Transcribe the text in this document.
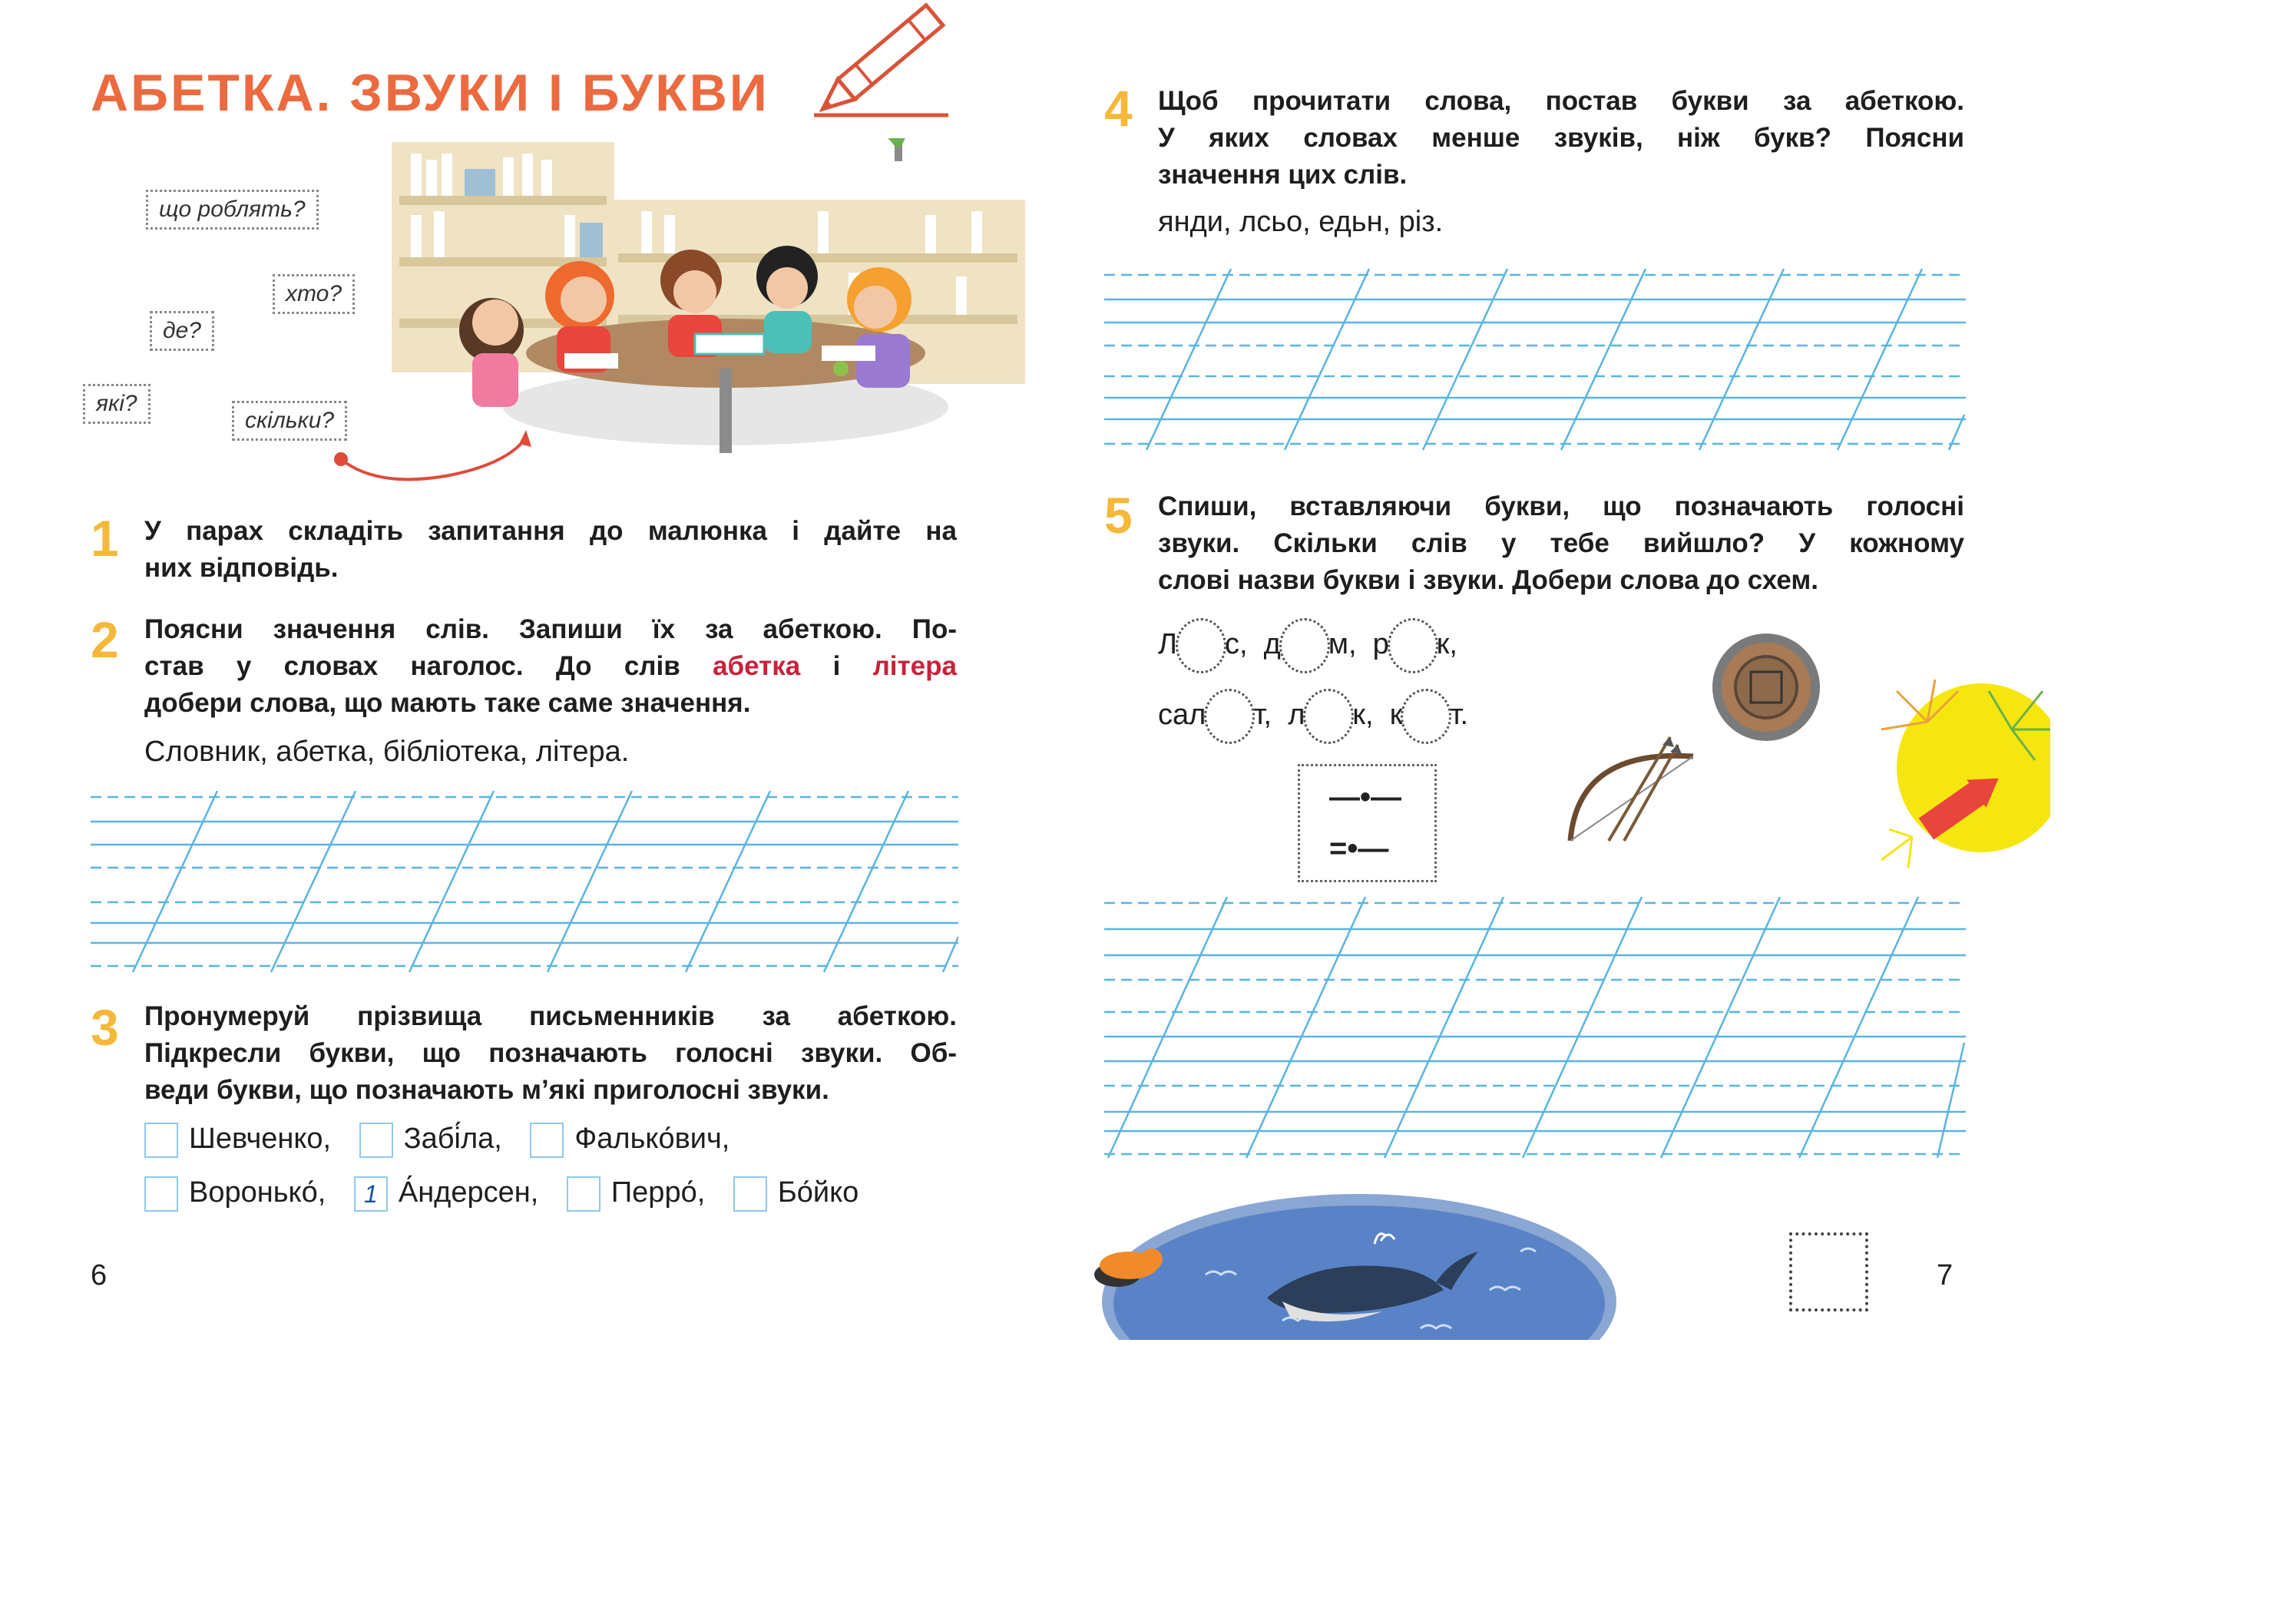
АБЕТКА. ЗВУКИ І БУКВИ
що роблять?
хто?
де?
які?
скільки?
1 У парах складіть запитання до малюнка і дайте на
них відповідь.
2 Поясни значення слів. Запиши їх за абеткою. По-
став у словах наголос. До слів абетка і літера
добери слова, що мають таке саме значення.
Словник, абетка, бібліотека, літера.
3 Пронумеруй прізвища письменників за абеткою.
Підкресли букви, що позначають голосні звуки. Об-
веди букви, що позначають м’які приголосні звуки.
Шевченко, Забі́ла, Фалько́вич,
Воронько́, 1 А́ндерсен, Перро́, Бо́йко
6
4 Щоб прочитати слова, постав букви за абеткою.
У яких словах менше звуків, ніж букв? Поясни
значення цих слів.
янди, лсьо, едьн, різ.
5 Спиши, вставляючи букви, що позначають голосні
звуки. Скільки слів у тебе вийшло? У кожному
слові назви букви і звуки. Добери слова до схем.
Л с, д м, р к,
сал т, л к, к т.
—•—
=•—
7
